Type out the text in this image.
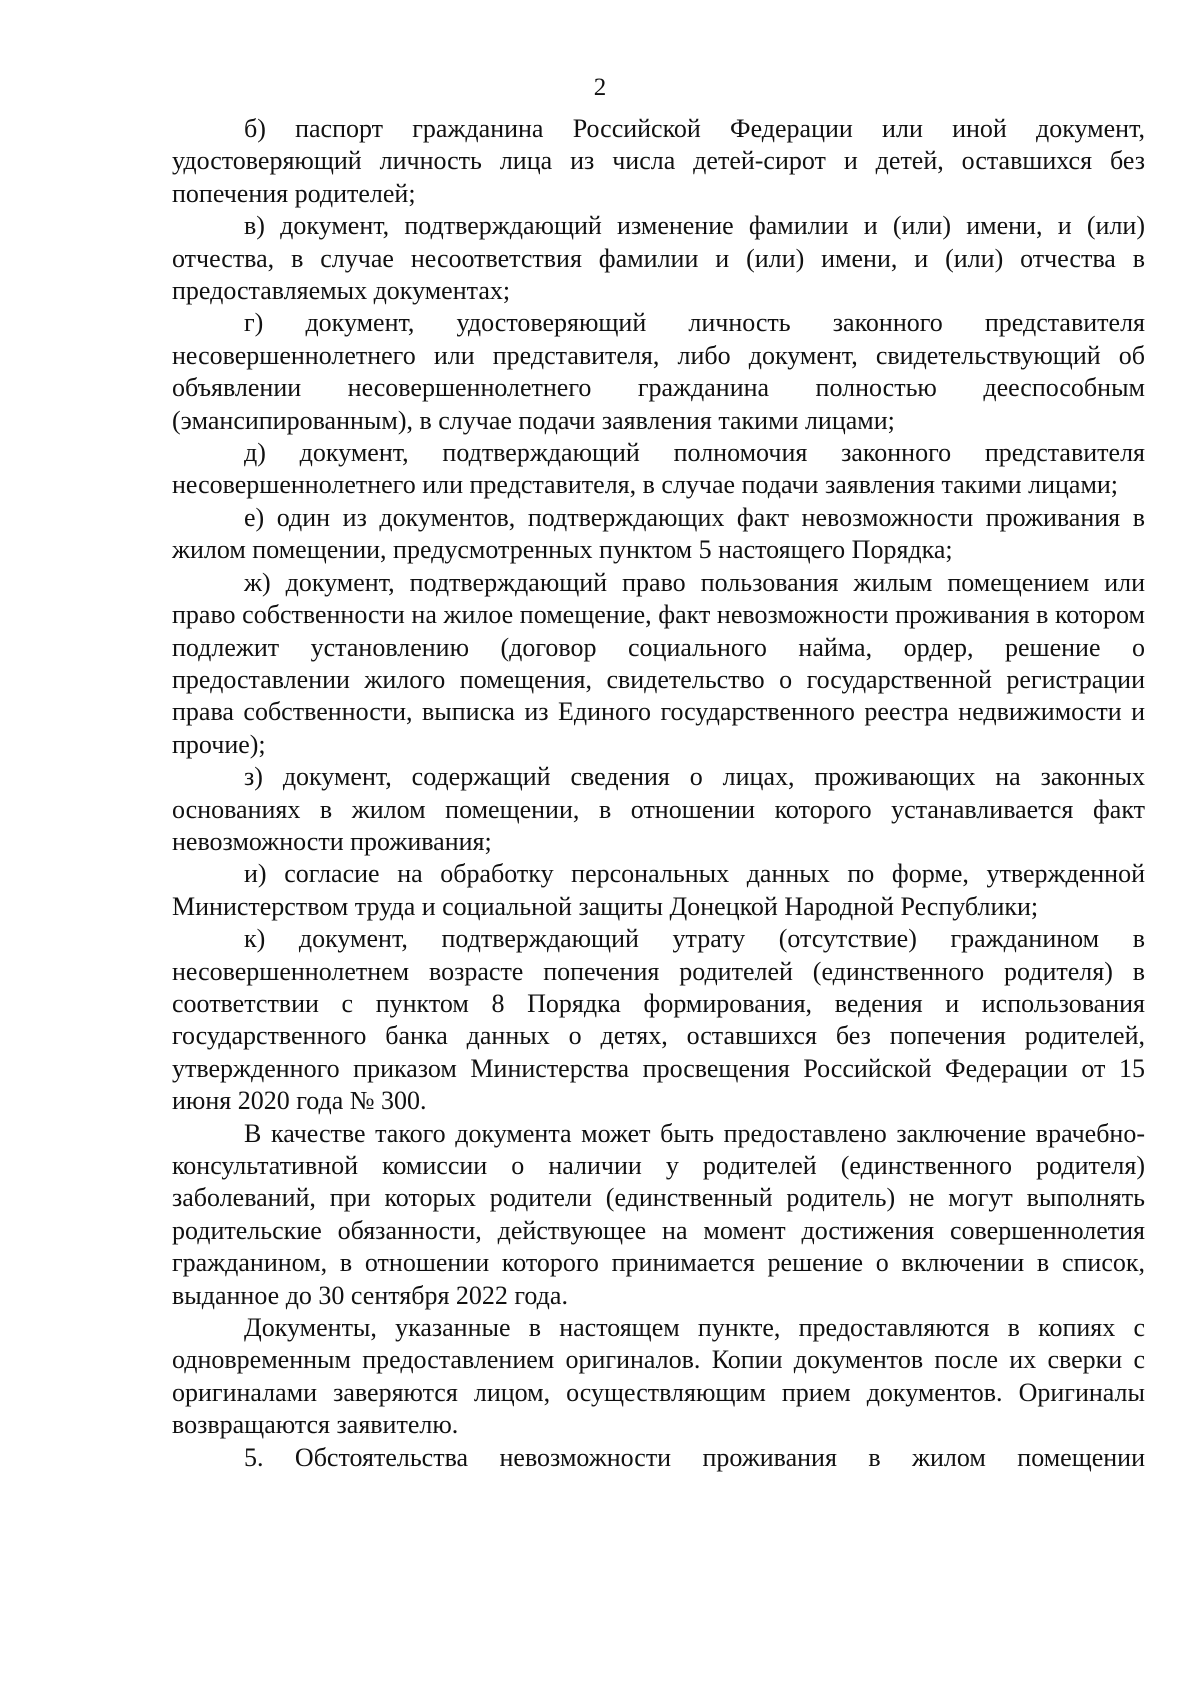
2

б) паспорт гражданина Российской Федерации или иной документ, удостоверяющий личность лица из числа детей-сирот и детей, оставшихся без попечения родителей;

в) документ, подтверждающий изменение фамилии и (или) имени, и (или) отчества, в случае несоответствия фамилии и (или) имени, и (или) отчества в предоставляемых документах;

г) документ, удостоверяющий личность законного представителя несовершеннолетнего или представителя, либо документ, свидетельствующий об объявлении несовершеннолетнего гражданина полностью дееспособным (эмансипированным), в случае подачи заявления такими лицами;

д) документ, подтверждающий полномочия законного представителя несовершеннолетнего или представителя, в случае подачи заявления такими лицами;

е) один из документов, подтверждающих факт невозможности проживания в жилом помещении, предусмотренных пунктом 5 настоящего Порядка;

ж) документ, подтверждающий право пользования жилым помещением или право собственности на жилое помещение, факт невозможности проживания в котором подлежит установлению (договор социального найма, ордер, решение о предоставлении жилого помещения, свидетельство о государственной регистрации права собственности, выписка из Единого государственного реестра недвижимости и прочие);

з) документ, содержащий сведения о лицах, проживающих на законных основаниях в жилом помещении, в отношении которого устанавливается факт невозможности проживания;

и) согласие на обработку персональных данных по форме, утвержденной Министерством труда и социальной защиты Донецкой Народной Республики;

к) документ, подтверждающий утрату (отсутствие) гражданином в несовершеннолетнем возрасте попечения родителей (единственного родителя) в соответствии с пунктом 8 Порядка формирования, ведения и использования государственного банка данных о детях, оставшихся без попечения родителей, утвержденного приказом Министерства просвещения Российской Федерации от 15 июня 2020 года № 300.

В качестве такого документа может быть предоставлено заключение врачебно-консультативной комиссии о наличии у родителей (единственного родителя) заболеваний, при которых родители (единственный родитель) не могут выполнять родительские обязанности, действующее на момент достижения совершеннолетия гражданином, в отношении которого принимается решение о включении в список, выданное до 30 сентября 2022 года.

Документы, указанные в настоящем пункте, предоставляются в копиях с одновременным предоставлением оригиналов. Копии документов после их сверки с оригиналами заверяются лицом, осуществляющим прием документов. Оригиналы возвращаются заявителю.

5. Обстоятельства невозможности проживания в жилом помещении
